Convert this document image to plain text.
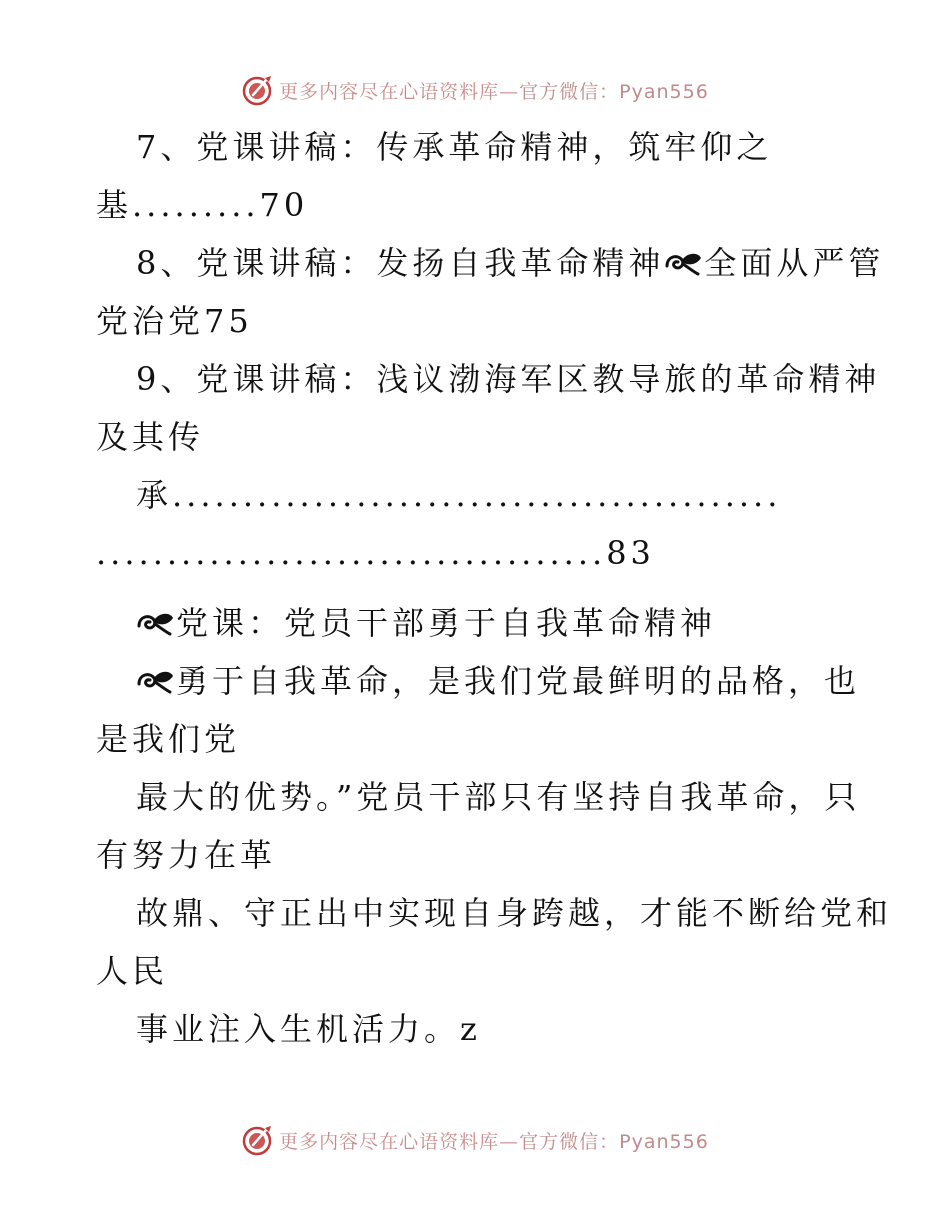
更多内容尽在心语资料库—官方微信：Pyan556
7、党课讲稿：传承革命精神，筑牢仰之
基.........70
8、党课讲稿：发扬自我革命精神 全面从严管
党治党75
9、党课讲稿：浅议渤海军区教导旅的革命精神
及其传
承...........................................
....................................83
党课：党员干部勇于自我革命精神
勇于自我革命，是我们党最鲜明的品格，也
是我们党
最大的优势。”党员干部只有坚持自我革命，只
有努力在革
故鼎、守正出中实现自身跨越，才能不断给党和
人民
事业注入生机活力。z
更多内容尽在心语资料库—官方微信：Pyan556
